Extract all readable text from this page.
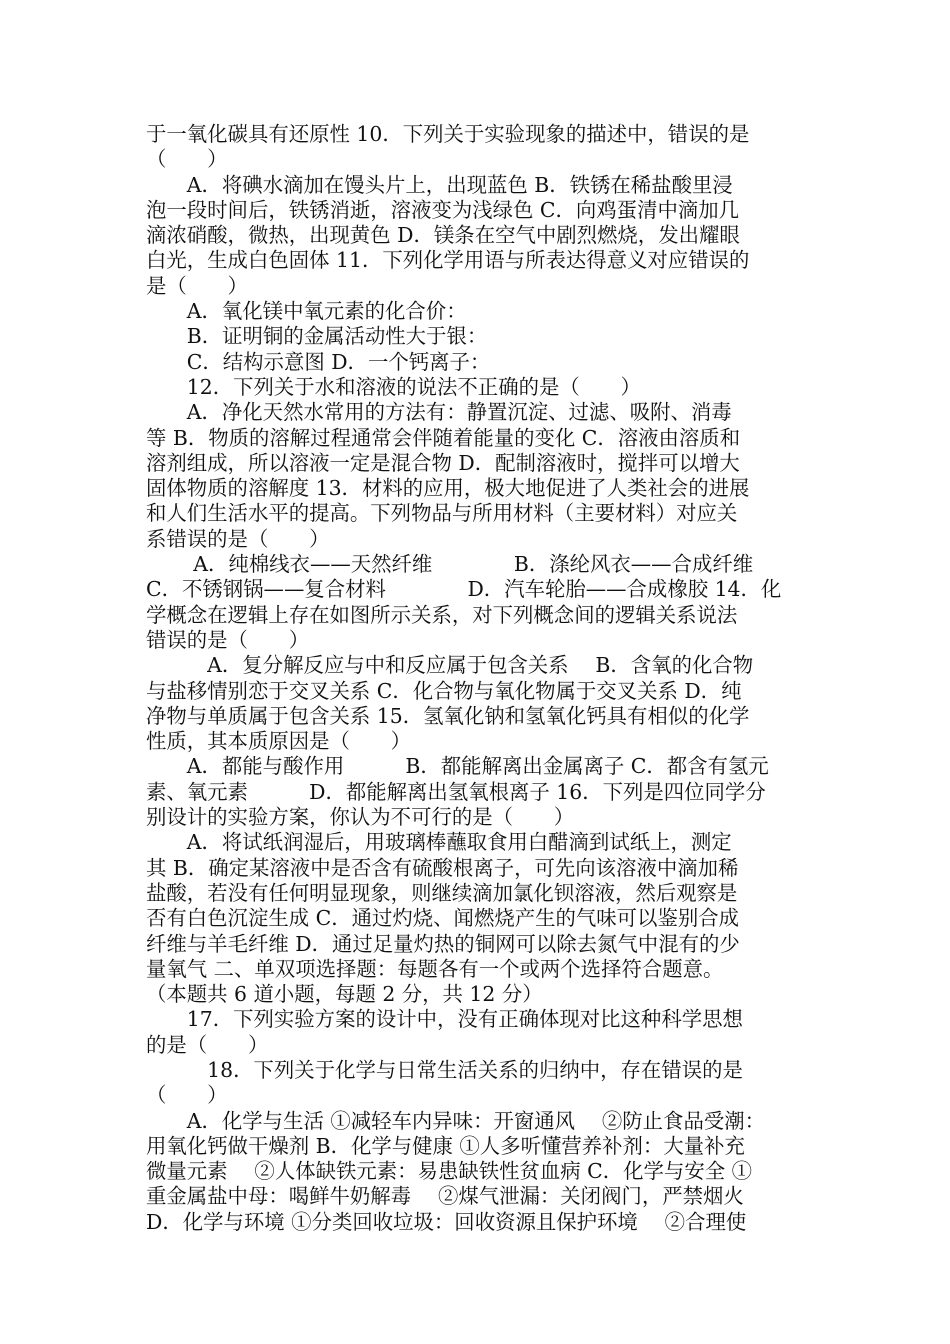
于一氧化碳具有还原性 10．下列关于实验现象的描述中，错误的是
（　　）
　　A．将碘水滴加在馒头片上，出现蓝色 B．铁锈在稀盐酸里浸
泡一段时间后，铁锈消逝，溶液变为浅绿色 C．向鸡蛋清中滴加几
滴浓硝酸，微热，出现黄色 D．镁条在空气中剧烈燃烧，发出耀眼
白光，生成白色固体 11．下列化学用语与所表达得意义对应错误的
是（　　）
　　A．氧化镁中氧元素的化合价：
　　B．证明铜的金属活动性大于银：
　　C．结构示意图 D．一个钙离子：
　　12．下列关于水和溶液的说法不正确的是（　　）
　　A．净化天然水常用的方法有：静置沉淀、过滤、吸附、消毒
等 B．物质的溶解过程通常会伴随着能量的变化 C．溶液由溶质和
溶剂组成，所以溶液一定是混合物 D．配制溶液时，搅拌可以增大
固体物质的溶解度 13．材料的应用，极大地促进了人类社会的进展
和人们生活水平的提高。下列物品与所用材料（主要材料）对应关
系错误的是（　　）
　　 A．纯棉线衣——天然纤维　　　　B．涤纶风衣——合成纤维
C．不锈钢锅——复合材料　　　　D．汽车轮胎——合成橡胶 14．化
学概念在逻辑上存在如图所示关系，对下列概念间的逻辑关系说法
错误的是（　　）
　　　A．复分解反应与中和反应属于包含关系　 B．含氧的化合物
与盐移情别恋于交叉关系 C．化合物与氧化物属于交叉关系 D．纯
净物与单质属于包含关系 15．氢氧化钠和氢氧化钙具有相似的化学
性质，其本质原因是（　　）
　　A．都能与酸作用　　　B．都能解离出金属离子 C．都含有氢元
素、氧元素　　　D．都能解离出氢氧根离子 16．下列是四位同学分
别设计的实验方案，你认为不可行的是（　　）
　　A．将试纸润湿后，用玻璃棒蘸取食用白醋滴到试纸上，测定
其 B．确定某溶液中是否含有硫酸根离子，可先向该溶液中滴加稀
盐酸，若没有任何明显现象，则继续滴加氯化钡溶液，然后观察是
否有白色沉淀生成 C．通过灼烧、闻燃烧产生的气味可以鉴别合成
纤维与羊毛纤维 D．通过足量灼热的铜网可以除去氮气中混有的少
量氧气 二、单双项选择题：每题各有一个或两个选择符合题意。
（本题共 6 道小题，每题 2 分，共 12 分）
　　17．下列实验方案的设计中，没有正确体现对比这种科学思想
的是（　　）
　　　18．下列关于化学与日常生活关系的归纳中，存在错误的是
（　　）
　　A．化学与生活 ①减轻车内异味：开窗通风　 ②防止食品受潮：
用氧化钙做干燥剂 B．化学与健康 ①人多听懂营养补剂：大量补充
微量元素　 ②人体缺铁元素：易患缺铁性贫血病 C．化学与安全 ①
重金属盐中母：喝鲜牛奶解毒　 ②煤气泄漏：关闭阀门，严禁烟火
D．化学与环境 ①分类回收垃圾：回收资源且保护环境　 ②合理使
